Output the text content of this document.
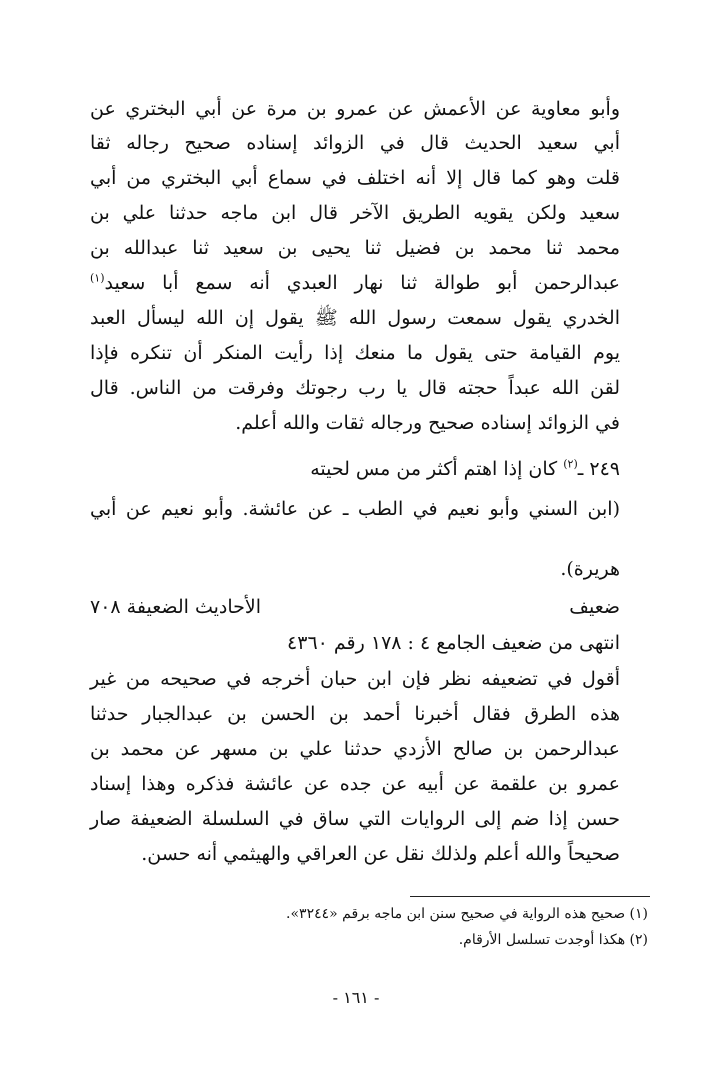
وأبو معاوية عن الأعمش عن عمرو بن مرة عن أبي البختري عن
أبي سعيد الحديث قال في الزوائد إسناده صحيح رجاله ثقا
قلت وهو كما قال إلا أنه اختلف في سماع أبي البختري من أبي
سعيد ولكن يقويه الطريق الآخر قال ابن ماجه حدثنا علي بن
محمد ثنا محمد بن فضيل ثنا يحيى بن سعيد ثنا عبدالله بن
عبدالرحمن أبو طوالة ثنا نهار العبدي أنه سمع أبا سعيد$^{(١)}$
الخدري يقول سمعت رسول الله ﷺ يقول إن الله ليسأل العبد
يوم القيامة حتى يقول ما منعك إذا رأيت المنكر أن تنكره فإذا
لقن الله عبداً حجته قال يا رب رجوتك وفرقت من الناس. قال
في الزوائد إسناده صحيح ورجاله ثقات والله أعلم.
٢٤٩ ـ$^{(٢)}$ كان إذا اهتم أكثر من مس لحيته
(ابن السني وأبو نعيم في الطب ـ عن عائشة. وأبو نعيم عن أبي
هريرة).
ضعيف
الأحاديث الضعيفة ٧٠٨
انتهى من ضعيف الجامع ٤ : ١٧٨ رقم ٤٣٦٠
أقول في تضعيفه نظر فإن ابن حبان أخرجه في صحيحه من غير
هذه الطرق فقال أخبرنا أحمد بن الحسن بن عبدالجبار حدثنا
عبدالرحمن بن صالح الأزدي حدثنا علي بن مسهر عن محمد بن
عمرو بن علقمة عن أبيه عن جده عن عائشة فذكره وهذا إسناد
حسن إذا ضم إلى الروايات التي ساق في السلسلة الضعيفة صار
صحيحاً والله أعلم ولذلك نقل عن العراقي والهيثمي أنه حسن.
(١) صحيح هذه الرواية في صحيح سنن ابن ماجه برقم «٣٢٤٤».
(٢) هكذا أوجدت تسلسل الأرقام.
- ١٦١ -
